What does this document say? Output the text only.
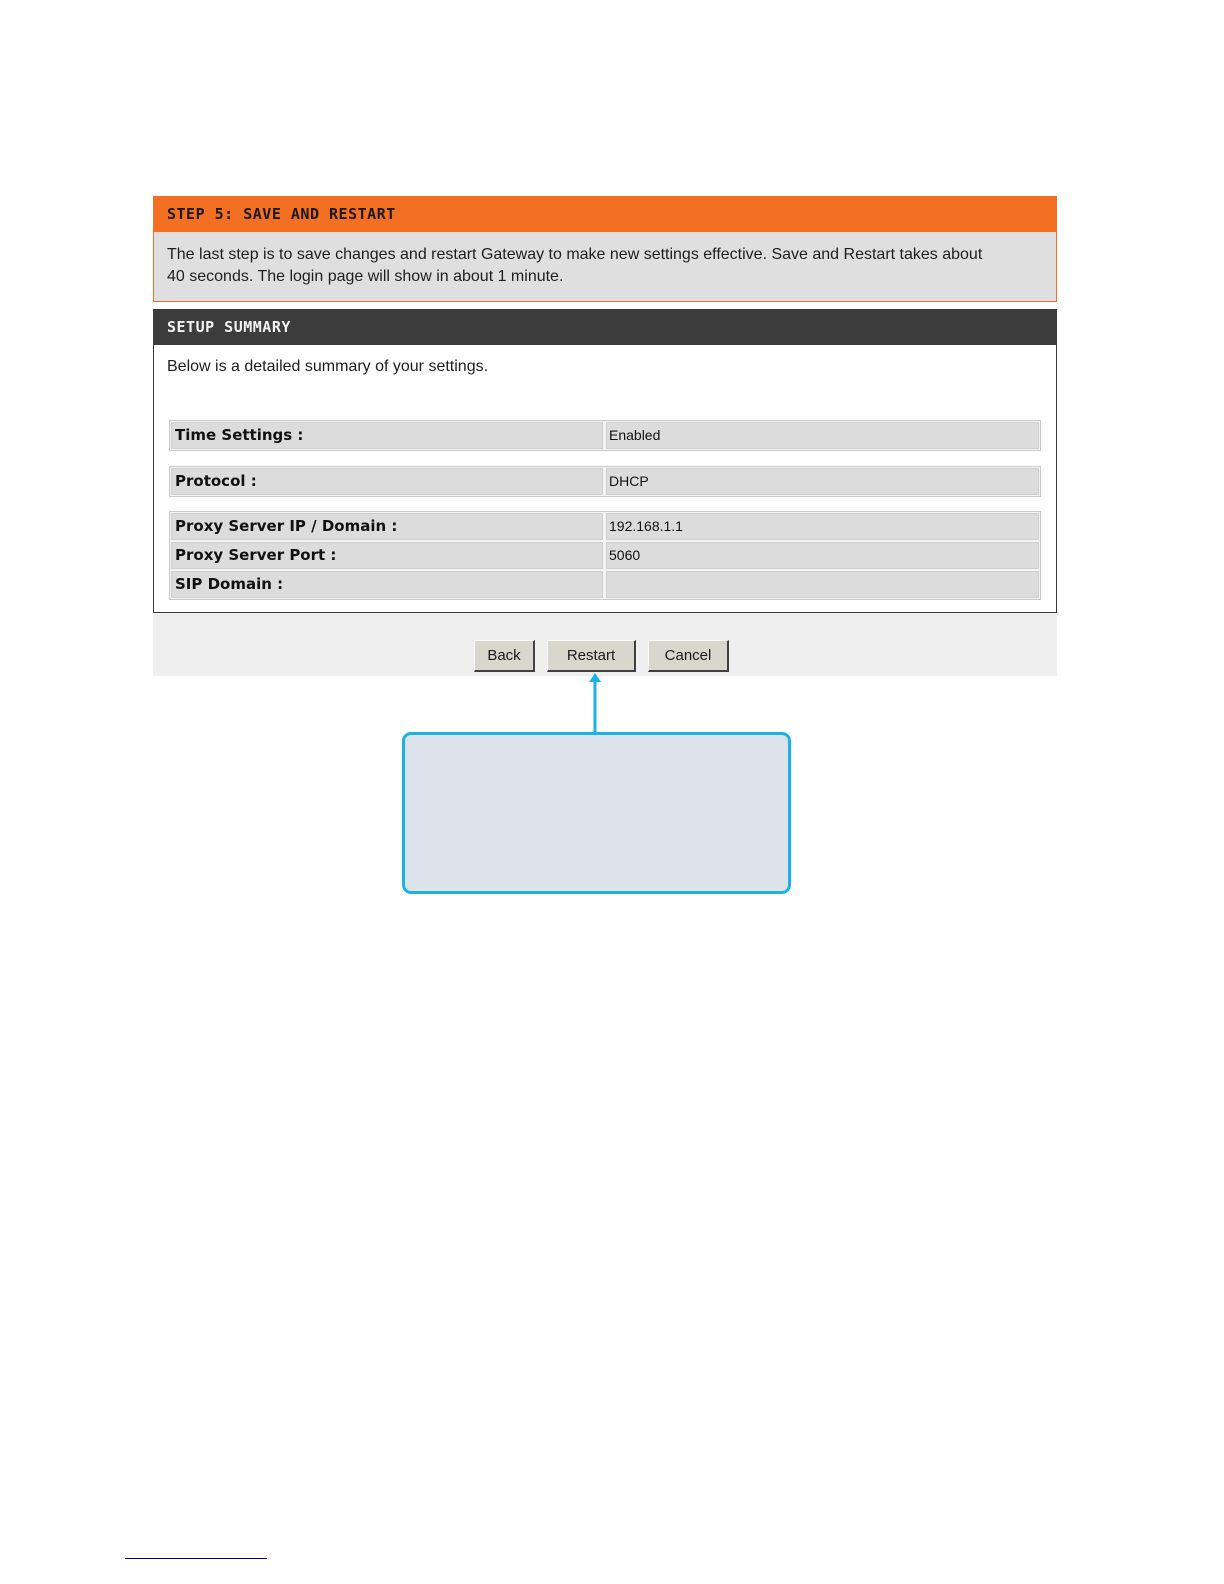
STEP 5: SAVE AND RESTART
The last step is to save changes and restart Gateway to make new settings effective. Save and Restart takes about
40 seconds. The login page will show in about 1 minute.
SETUP SUMMARY
Below is a detailed summary of your settings.
Time Settings :	Enabled
Protocol :	DHCP
Proxy Server IP / Domain :	192.168.1.1
Proxy Server Port :	5060
SIP Domain :
Back	Restart	Cancel
